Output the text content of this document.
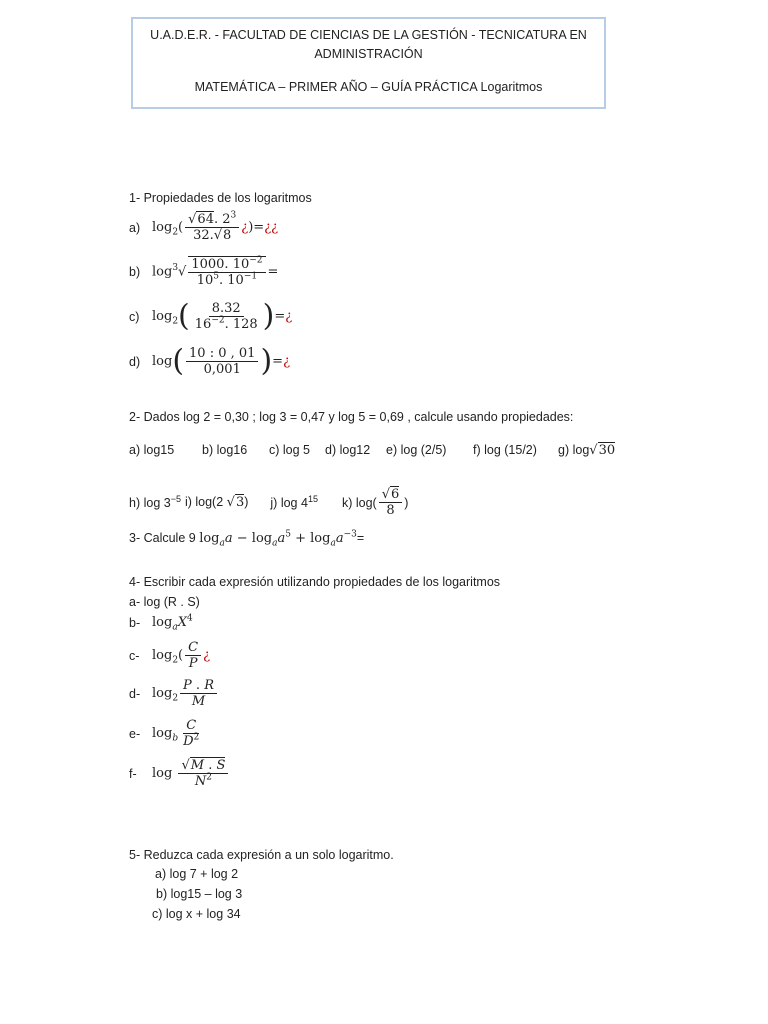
U.A.D.E.R. - FACULTAD DE CIENCIAS DE LA GESTIÓN - TECNICATURA EN
ADMINISTRACIÓN
MATEMÁTICA – PRIMER AÑO – GUÍA PRÁCTICA Logaritmos
1- Propiedades de los logaritmos
a) $\log_2( \frac{√64. 2^3}{32.√8}$ ¿)=¿¿
b) $\log^3√ \frac{1000. 10^{-2}}{10^5. 10^{-1}}$ =
c) $\log_2( \frac{8.32}{16^{-2}. 128}$ )=¿
d) $\log( \frac{10 : 0 , 01}{0,001}$ )=¿
2- Dados log 2 = 0,30 ; log 3 = 0,47 y log 5 = 0,69 , calcule usando propiedades:
a) log15 b) log16 c) log 5 d) log12 e) log (2/5) f) log (15/2) g) log√30
h) $\log 3^{-5}$ i) log(2 √3) j) $\log 4^{15}$ k) $\log( \frac{√6}{8}$ )
3- Calcule 9 $\log_aa - \log_aa^5 + \log_aa^{-3}=$
4- Escribir cada expresión utilizando propiedades de los logaritmos
a- log (R . S)
b- $\log_aX^4$
c- $\log_2( \frac{C}{P}$ ¿
d- $\log_2 \frac{P . R}{M}$
e- $\log_b \frac{C}{D^2}$
f-	$\log \frac{√M . S}{N^2}$
5- Reduzca cada expresión a un solo logaritmo.
a) log 7 + log 2
b) log15 – log 3
c) log x + log 34
